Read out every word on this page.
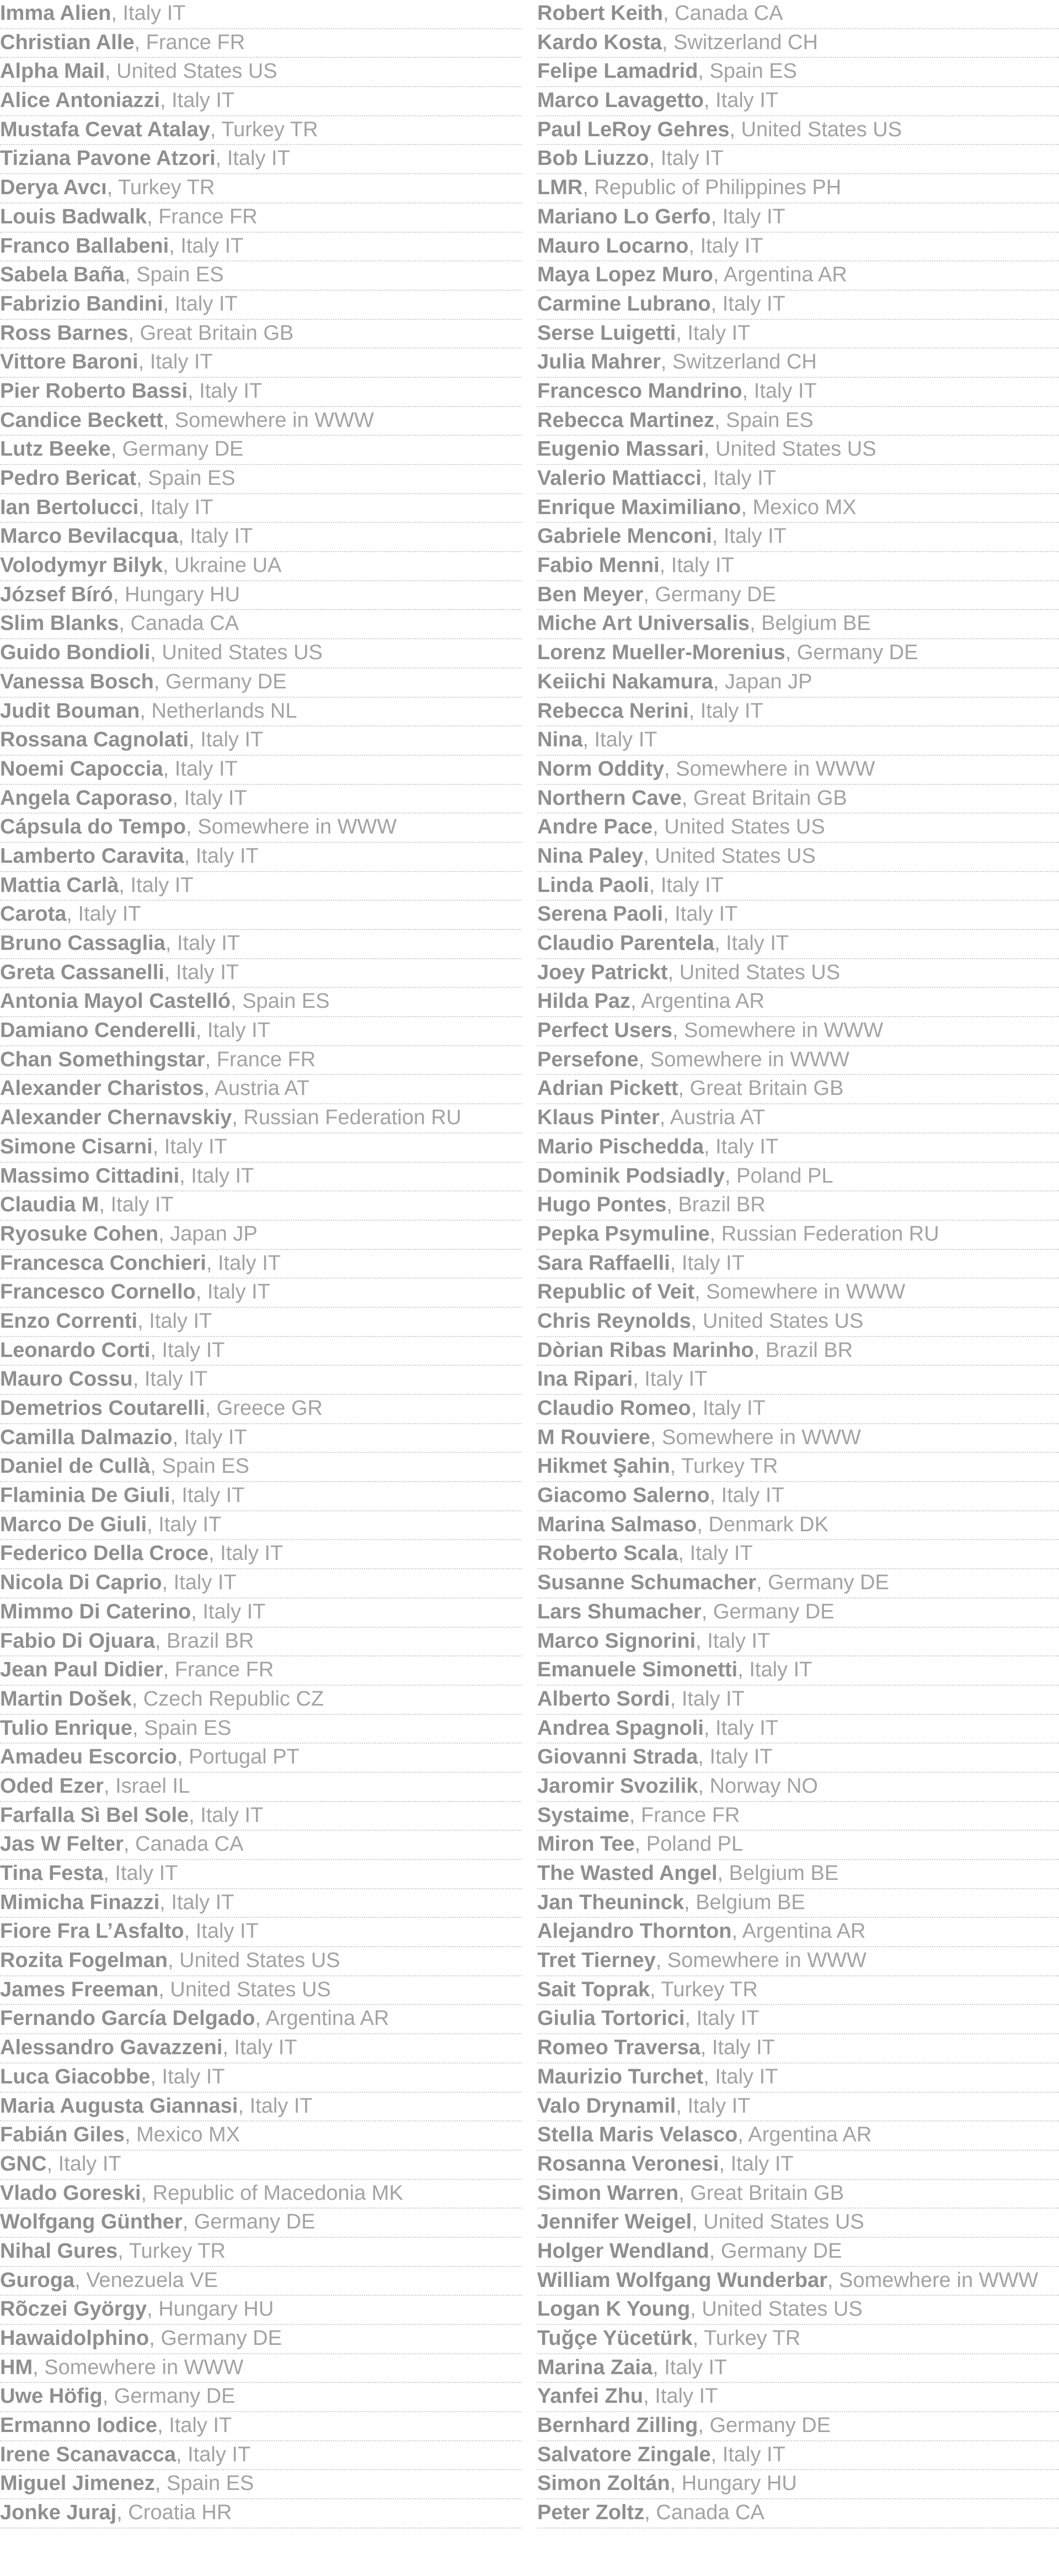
Imma Alien, Italy IT
Christian Alle, France FR
Alpha Mail, United States US
Alice Antoniazzi, Italy IT
Mustafa Cevat Atalay, Turkey TR
Tiziana Pavone Atzori, Italy IT
Derya Avcı, Turkey TR
Louis Badwalk, France FR
Franco Ballabeni, Italy IT
Sabela Baña, Spain ES
Fabrizio Bandini, Italy IT
Ross Barnes, Great Britain GB
Vittore Baroni, Italy IT
Pier Roberto Bassi, Italy IT
Candice Beckett, Somewhere in WWW
Lutz Beeke, Germany DE
Pedro Bericat, Spain ES
Ian Bertolucci, Italy IT
Marco Bevilacqua, Italy IT
Volodymyr Bilyk, Ukraine UA
József Bíró, Hungary HU
Slim Blanks, Canada CA
Guido Bondioli, United States US
Vanessa Bosch, Germany DE
Judit Bouman, Netherlands NL
Rossana Cagnolati, Italy IT
Noemi Capoccia, Italy IT
Angela Caporaso, Italy IT
Cápsula do Tempo, Somewhere in WWW
Lamberto Caravita, Italy IT
Mattia Carlà, Italy IT
Carota, Italy IT
Bruno Cassaglia, Italy IT
Greta Cassanelli, Italy IT
Antonia Mayol Castelló, Spain ES
Damiano Cenderelli, Italy IT
Chan Somethingstar, France FR
Alexander Charistos, Austria AT
Alexander Chernavskiy, Russian Federation RU
Simone Cisarni, Italy IT
Massimo Cittadini, Italy IT
Claudia M, Italy IT
Ryosuke Cohen, Japan JP
Francesca Conchieri, Italy IT
Francesco Cornello, Italy IT
Enzo Correnti, Italy IT
Leonardo Corti, Italy IT
Mauro Cossu, Italy IT
Demetrios Coutarelli, Greece GR
Camilla Dalmazio, Italy IT
Daniel de Cullà, Spain ES
Flaminia De Giuli, Italy IT
Marco De Giuli, Italy IT
Federico Della Croce, Italy IT
Nicola Di Caprio, Italy IT
Mimmo Di Caterino, Italy IT
Fabio Di Ojuara, Brazil BR
Jean Paul Didier, France FR
Martin Došek, Czech Republic CZ
Tulio Enrique, Spain ES
Amadeu Escorcio, Portugal PT
Oded Ezer, Israel IL
Farfalla Sì Bel Sole, Italy IT
Jas W Felter, Canada CA
Tina Festa, Italy IT
Mimicha Finazzi, Italy IT
Fiore Fra L’Asfalto, Italy IT
Rozita Fogelman, United States US
James Freeman, United States US
Fernando García Delgado, Argentina AR
Alessandro Gavazzeni, Italy IT
Luca Giacobbe, Italy IT
Maria Augusta Giannasi, Italy IT
Fabián Giles, Mexico MX
GNC, Italy IT
Vlado Goreski, Republic of Macedonia MK
Wolfgang Günther, Germany DE
Nihal Gures, Turkey TR
Guroga, Venezuela VE
Rõczei György, Hungary HU
Hawaidolphino, Germany DE
HM, Somewhere in WWW
Uwe Höfig, Germany DE
Ermanno Iodice, Italy IT
Irene Scanavacca, Italy IT
Miguel Jimenez, Spain ES
Jonke Juraj, Croatia HR
Robert Keith, Canada CA
Kardo Kosta, Switzerland CH
Felipe Lamadrid, Spain ES
Marco Lavagetto, Italy IT
Paul LeRoy Gehres, United States US
Bob Liuzzo, Italy IT
LMR, Republic of Philippines PH
Mariano Lo Gerfo, Italy IT
Mauro Locarno, Italy IT
Maya Lopez Muro, Argentina AR
Carmine Lubrano, Italy IT
Serse Luigetti, Italy IT
Julia Mahrer, Switzerland CH
Francesco Mandrino, Italy IT
Rebecca Martinez, Spain ES
Eugenio Massari, United States US
Valerio Mattiacci, Italy IT
Enrique Maximiliano, Mexico MX
Gabriele Menconi, Italy IT
Fabio Menni, Italy IT
Ben Meyer, Germany DE
Miche Art Universalis, Belgium BE
Lorenz Mueller-Morenius, Germany DE
Keiichi Nakamura, Japan JP
Rebecca Nerini, Italy IT
Nina, Italy IT
Norm Oddity, Somewhere in WWW
Northern Cave, Great Britain GB
Andre Pace, United States US
Nina Paley, United States US
Linda Paoli, Italy IT
Serena Paoli, Italy IT
Claudio Parentela, Italy IT
Joey Patrickt, United States US
Hilda Paz, Argentina AR
Perfect Users, Somewhere in WWW
Persefone, Somewhere in WWW
Adrian Pickett, Great Britain GB
Klaus Pinter, Austria AT
Mario Pischedda, Italy IT
Dominik Podsiadly, Poland PL
Hugo Pontes, Brazil BR
Pepka Psymuline, Russian Federation RU
Sara Raffaelli, Italy IT
Republic of Veit, Somewhere in WWW
Chris Reynolds, United States US
Dòrian Ribas Marinho, Brazil BR
Ina Ripari, Italy IT
Claudio Romeo, Italy IT
M Rouviere, Somewhere in WWW
Hikmet Şahin, Turkey TR
Giacomo Salerno, Italy IT
Marina Salmaso, Denmark DK
Roberto Scala, Italy IT
Susanne Schumacher, Germany DE
Lars Shumacher, Germany DE
Marco Signorini, Italy IT
Emanuele Simonetti, Italy IT
Alberto Sordi, Italy IT
Andrea Spagnoli, Italy IT
Giovanni Strada, Italy IT
Jaromir Svozilik, Norway NO
Systaime, France FR
Miron Tee, Poland PL
The Wasted Angel, Belgium BE
Jan Theuninck, Belgium BE
Alejandro Thornton, Argentina AR
Tret Tierney, Somewhere in WWW
Sait Toprak, Turkey TR
Giulia Tortorici, Italy IT
Romeo Traversa, Italy IT
Maurizio Turchet, Italy IT
Valo Drynamil, Italy IT
Stella Maris Velasco, Argentina AR
Rosanna Veronesi, Italy IT
Simon Warren, Great Britain GB
Jennifer Weigel, United States US
Holger Wendland, Germany DE
William Wolfgang Wunderbar, Somewhere in WWW
Logan K Young, United States US
Tuğçe Yücetürk, Turkey TR
Marina Zaia, Italy IT
Yanfei Zhu, Italy IT
Bernhard Zilling, Germany DE
Salvatore Zingale, Italy IT
Simon Zoltán, Hungary HU
Peter Zoltz, Canada CA
